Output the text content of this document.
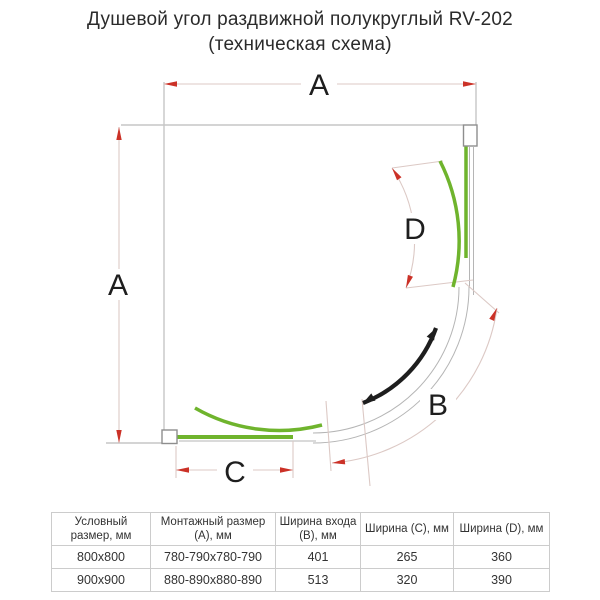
Душевой угол раздвижной полукруглый RV-202
(техническая схема)
A
A
B
C
D
Условный размер, мм	Монтажный размер (А), мм	Ширина входа (B), мм	Ширина (C), мм	Ширина (D), мм
800х800	780-790х780-790	401	265	360
900х900	880-890х880-890	513	320	390
